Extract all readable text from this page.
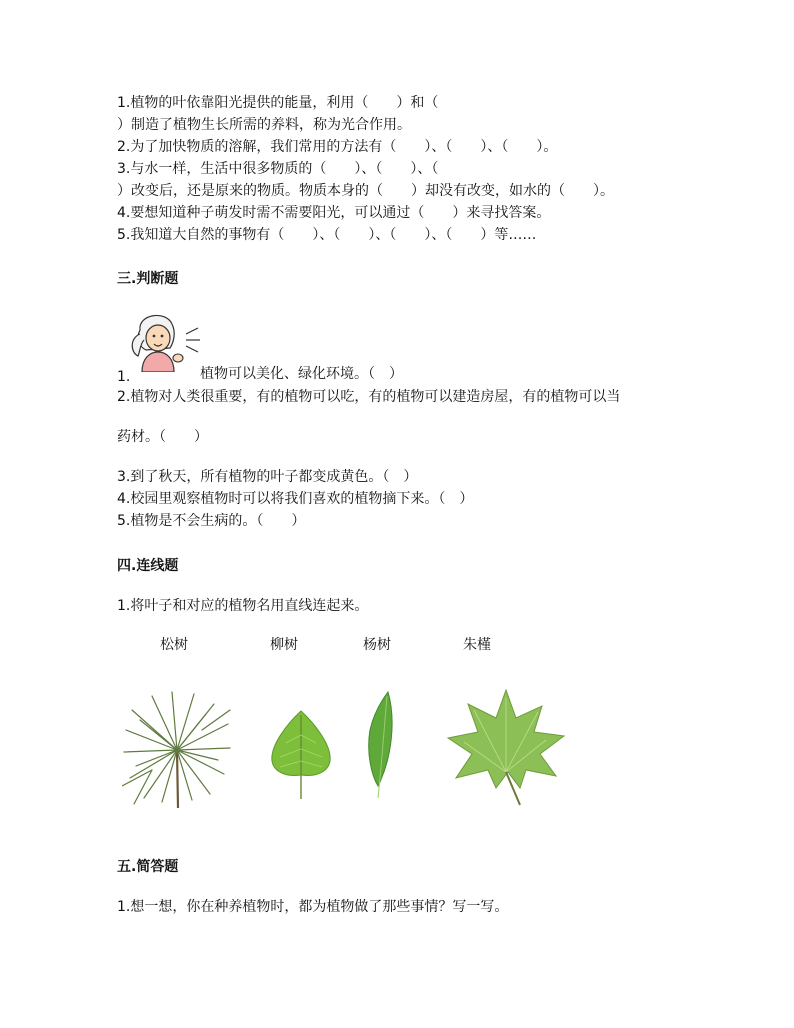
1.植物的叶依靠阳光提供的能量，利用（　　）和（
）制造了植物生长所需的养料，称为光合作用。
2.为了加快物质的溶解，我们常用的方法有（　　）、（　　）、（　　）。
3.与水一样，生活中很多物质的（　　）、（　　）、（
）改变后，还是原来的物质。物质本身的（　　）却没有改变，如水的（　　）。
4.要想知道种子萌发时需不需要阳光，可以通过（　　）来寻找答案。
5.我知道大自然的事物有（　　）、（　　）、（　　）、（　　）等……
三.判断题
1.	植物可以美化、绿化环境。（　）
2.植物对人类很重要，有的植物可以吃，有的植物可以建造房屋，有的植物可以当
药材。（　　）
3.到了秋天，所有植物的叶子都变成黄色。（　）
4.校园里观察植物时可以将我们喜欢的植物摘下来。（　）
5.植物是不会生病的。（　　）
四.连线题
1.将叶子和对应的植物名用直线连起来。
松树	柳树	杨树	朱槿
五.简答题
1.想一想，你在种养植物时，都为植物做了那些事情？写一写。
